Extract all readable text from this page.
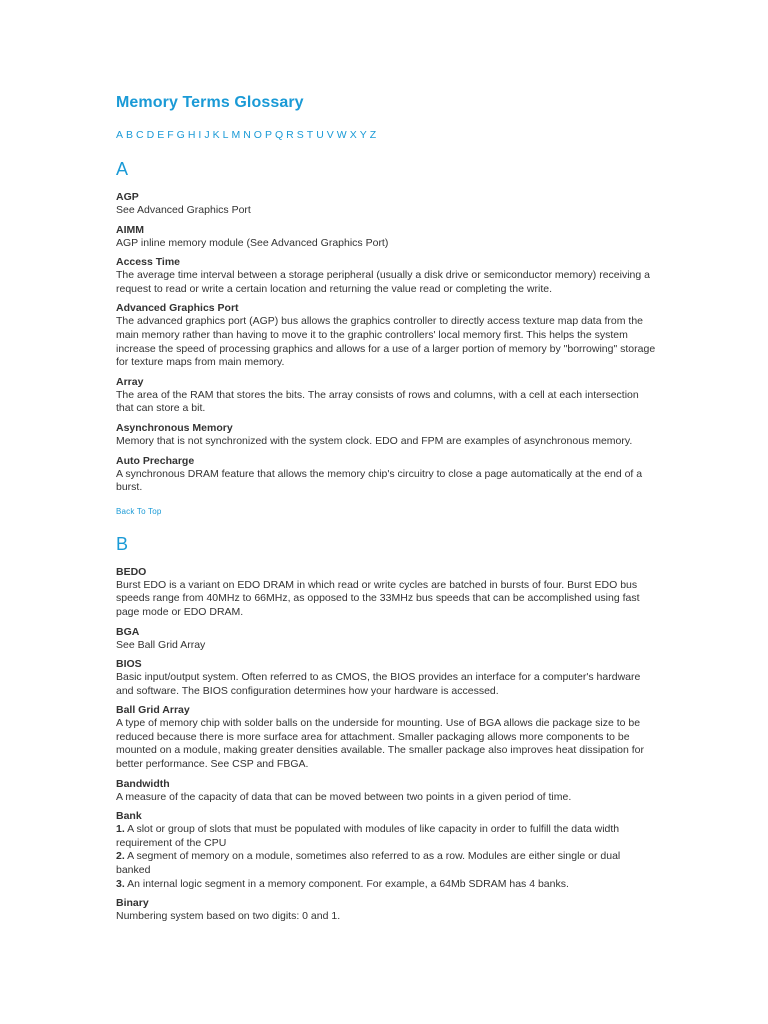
Memory Terms Glossary
A B C D E F G H I J K L M N O P Q R S T U V W X Y Z
A
AGP
See Advanced Graphics Port
AIMM
AGP inline memory module (See Advanced Graphics Port)
Access Time
The average time interval between a storage peripheral (usually a disk drive or semiconductor memory) receiving a request to read or write a certain location and returning the value read or completing the write.
Advanced Graphics Port
The advanced graphics port (AGP) bus allows the graphics controller to directly access texture map data from the main memory rather than having to move it to the graphic controllers' local memory first. This helps the system increase the speed of processing graphics and allows for a use of a larger portion of memory by "borrowing" storage for texture maps from main memory.
Array
The area of the RAM that stores the bits. The array consists of rows and columns, with a cell at each intersection that can store a bit.
Asynchronous Memory
Memory that is not synchronized with the system clock. EDO and FPM are examples of asynchronous memory.
Auto Precharge
A synchronous DRAM feature that allows the memory chip's circuitry to close a page automatically at the end of a burst.
Back To Top
B
BEDO
Burst EDO is a variant on EDO DRAM in which read or write cycles are batched in bursts of four. Burst EDO bus speeds range from 40MHz to 66MHz, as opposed to the 33MHz bus speeds that can be accomplished using fast page mode or EDO DRAM.
BGA
See Ball Grid Array
BIOS
Basic input/output system. Often referred to as CMOS, the BIOS provides an interface for a computer's hardware and software. The BIOS configuration determines how your hardware is accessed.
Ball Grid Array
A type of memory chip with solder balls on the underside for mounting. Use of BGA allows die package size to be reduced because there is more surface area for attachment. Smaller packaging allows more components to be mounted on a module, making greater densities available. The smaller package also improves heat dissipation for better performance. See CSP and FBGA.
Bandwidth
A measure of the capacity of data that can be moved between two points in a given period of time.
Bank
1. A slot or group of slots that must be populated with modules of like capacity in order to fulfill the data width requirement of the CPU
2. A segment of memory on a module, sometimes also referred to as a row. Modules are either single or dual banked
3. An internal logic segment in a memory component. For example, a 64Mb SDRAM has 4 banks.
Binary
Numbering system based on two digits: 0 and 1.
